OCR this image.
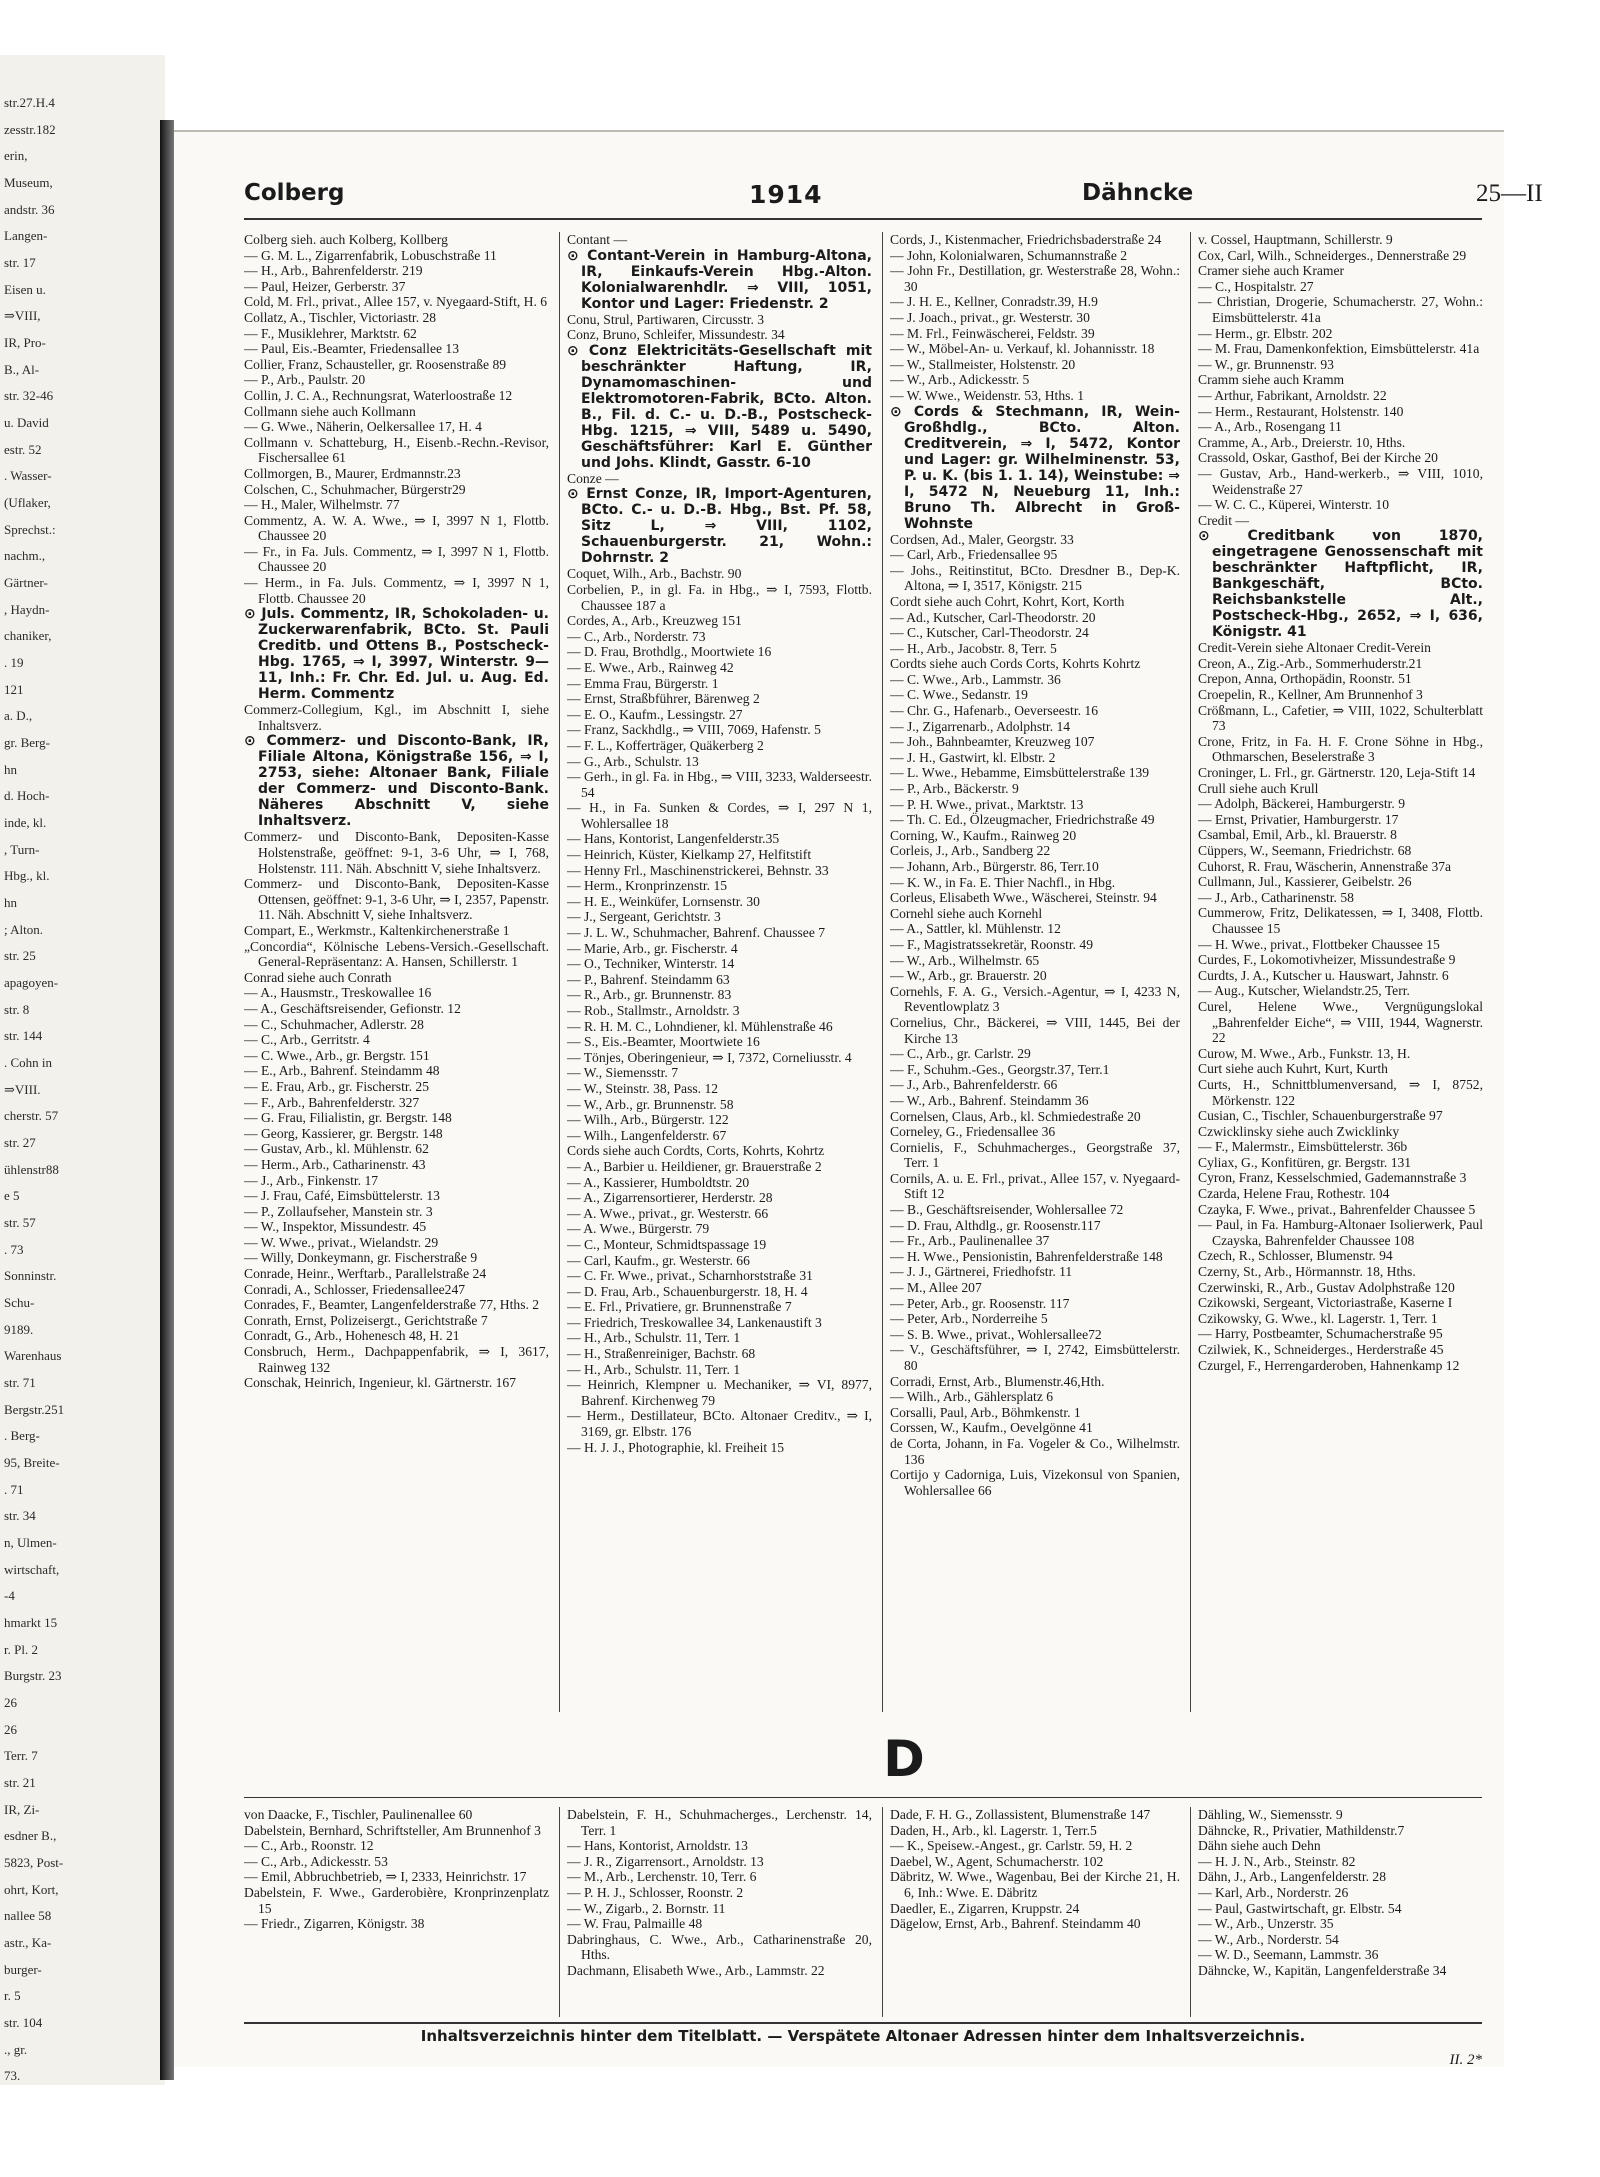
str.27.H.4
zesstr.182
erin,
Museum,
andstr. 36
Langen-
str. 17
Eisen u.
⇒VIII,
IR, Pro-
B., Al-
str. 32-46
u. David
estr. 52
. Wasser-
(Uflaker,
Sprechst.:
nachm.,
Gärtner-
, Haydn-
chaniker,
. 19
121
a. D.,
gr. Berg-
hn
d. Hoch-
inde, kl.
, Turn-
Hbg., kl.
hn
; Alton.
str. 25
apagoyen-
str. 8
str. 144
. Cohn in
⇒VIII.
cherstr. 57
str. 27
ühlenstr88
e 5
str. 57
. 73
Sonninstr.
Schu-
9189.
Warenhaus
str. 71
Bergstr.251
. Berg-
95, Breite-
. 71
str. 34
n, Ulmen-
wirtschaft,
-4
hmarkt 15
r. Pl. 2
Burgstr. 23
26
26
Terr. 7
str. 21
IR, Zi-
esdner B.,
5823, Post-
ohrt, Kort,
nallee 58
astr., Ka-
burger-
r. 5
str. 104
., gr.
73.
Colberg	1914	Dähncke	25—II

Colberg sieh. auch Kolberg, Kollberg

— G. M. L., Zigarrenfabrik, Lobuschstraße 11

— H., Arb., Bahrenfelderstr. 219

— Paul, Heizer, Gerberstr. 37

Cold, M. Frl., privat., Allee 157, v. Nyegaard-Stift, H. 6

Collatz, A., Tischler, Victoriastr. 28

— F., Musiklehrer, Marktstr. 62

— Paul, Eis.-Beamter, Friedensallee 13

Collier, Franz, Schausteller, gr. Roosenstraße 89

— P., Arb., Paulstr. 20

Collin, J. C. A., Rechnungsrat, Waterloostraße 12

Collmann siehe auch Kollmann

— G. Wwe., Näherin, Oelkersallee 17, H. 4

Collmann v. Schatteburg, H., Eisenb.-Rechn.-Revisor, Fischersallee 61

Collmorgen, B., Maurer, Erdmannstr.23

Colschen, C., Schuhmacher, Bürgerstr29

— H., Maler, Wilhelmstr. 77

Commentz, A. W. A. Wwe., ⇒ I, 3997 N 1, Flottb. Chaussee 20

— Fr., in Fa. Juls. Commentz, ⇒ I, 3997 N 1, Flottb. Chaussee 20

— Herm., in Fa. Juls. Commentz, ⇒ I, 3997 N 1, Flottb. Chaussee 20

⊙ Juls. Commentz, IR, Schokoladen- u. Zuckerwarenfabrik, BCto. St. Pauli Creditb. und Ottens B., Postscheck-Hbg. 1765, ⇒ I, 3997, Winterstr. 9—11, Inh.: Fr. Chr. Ed. Jul. u. Aug. Ed. Herm. Commentz

Commerz-Collegium, Kgl., im Abschnitt I, siehe Inhaltsverz.

⊙ Commerz- und Disconto-Bank, IR, Filiale Altona, Königstraße 156, ⇒ I, 2753, siehe: Altonaer Bank, Filiale der Commerz- und Disconto-Bank. Näheres Abschnitt V, siehe Inhaltsverz.

Commerz- und Disconto-Bank, Depositen-Kasse Holstenstraße, geöffnet: 9-1, 3-6 Uhr, ⇒ I, 768, Holstenstr. 111. Näh. Abschnitt V, siehe Inhaltsverz.

Commerz- und Disconto-Bank, Depositen-Kasse Ottensen, geöffnet: 9-1, 3-6 Uhr, ⇒ I, 2357, Papenstr. 11. Näh. Abschnitt V, siehe Inhaltsverz.

Compart, E., Werkmstr., Kaltenkirchenerstraße 1

„Concordia“, Kölnische Lebens-Versich.-Gesellschaft. General-Repräsentanz: A. Hansen, Schillerstr. 1

Conrad siehe auch Conrath

— A., Hausmstr., Treskowallee 16

— A., Geschäftsreisender, Gefionstr. 12

— C., Schuhmacher, Adlerstr. 28

— C., Arb., Gerritstr. 4

— C. Wwe., Arb., gr. Bergstr. 151

— E., Arb., Bahrenf. Steindamm 48

— E. Frau, Arb., gr. Fischerstr. 25

— F., Arb., Bahrenfelderstr. 327

— G. Frau, Filialistin, gr. Bergstr. 148

— Georg, Kassierer, gr. Bergstr. 148

— Gustav, Arb., kl. Mühlenstr. 62

— Herm., Arb., Catharinenstr. 43

— J., Arb., Finkenstr. 17

— J. Frau, Café, Eimsbüttelerstr. 13

— P., Zollaufseher, Manstein str. 3

— W., Inspektor, Missundestr. 45

— W. Wwe., privat., Wielandstr. 29

— Willy, Donkeymann, gr. Fischerstraße 9

Conrade, Heinr., Werftarb., Parallelstraße 24

Conradi, A., Schlosser, Friedensallee247

Conrades, F., Beamter, Langenfelderstraße 77, Hths. 2

Conrath, Ernst, Polizeisergt., Gerichtstraße 7

Conradt, G., Arb., Hohenesch 48, H. 21

Consbruch, Herm., Dachpappenfabrik, ⇒ I, 3617, Rainweg 132

Conschak, Heinrich, Ingenieur, kl. Gärtnerstr. 167

Contant —

⊙ Contant-Verein in Hamburg-Altona, IR, Einkaufs-Verein Hbg.-Alton. Kolonialwarenhdlr. ⇒ VIII, 1051, Kontor und Lager: Friedenstr. 2

Conu, Strul, Partiwaren, Circusstr. 3

Conz, Bruno, Schleifer, Missundestr. 34

⊙ Conz Elektricitäts-Gesellschaft mit beschränkter Haftung, IR, Dynamomaschinen- und Elektromotoren-Fabrik, BCto. Alton. B., Fil. d. C.- u. D.-B., Postscheck-Hbg. 1215, ⇒ VIII, 5489 u. 5490, Geschäftsführer: Karl E. Günther und Johs. Klindt, Gasstr. 6-10

Conze —

⊙ Ernst Conze, IR, Import-Agenturen, BCto. C.- u. D.-B. Hbg., Bst. Pf. 58, Sitz L, ⇒ VIII, 1102, Schauenburgerstr. 21, Wohn.: Dohrnstr. 2

Coquet, Wilh., Arb., Bachstr. 90

Corbelien, P., in gl. Fa. in Hbg., ⇒ I, 7593, Flottb. Chaussee 187 a

Cordes, A., Arb., Kreuzweg 151

— C., Arb., Norderstr. 73

— D. Frau, Brothdlg., Moortwiete 16

— E. Wwe., Arb., Rainweg 42

— Emma Frau, Bürgerstr. 1

— Ernst, Straßbführer, Bärenweg 2

— E. O., Kaufm., Lessingstr. 27

— Franz, Sackhdlg., ⇒ VIII, 7069, Hafenstr. 5

— F. L., Kofferträger, Quäkerberg 2

— G., Arb., Schulstr. 13

— Gerh., in gl. Fa. in Hbg., ⇒ VIII, 3233, Walderseestr. 54

— H., in Fa. Sunken & Cordes, ⇒ I, 297 N 1, Wohlersallee 18

— Hans, Kontorist, Langenfelderstr.35

— Heinrich, Küster, Kielkamp 27, Helfitstift

— Henny Frl., Maschinenstrickerei, Behnstr. 33

— Herm., Kronprinzenstr. 15

— H. E., Weinküfer, Lornsenstr. 30

— J., Sergeant, Gerichtstr. 3

— J. L. W., Schuhmacher, Bahrenf. Chaussee 7

— Marie, Arb., gr. Fischerstr. 4

— O., Techniker, Winterstr. 14

— P., Bahrenf. Steindamm 63

— R., Arb., gr. Brunnenstr. 83

— Rob., Stallmstr., Arnoldstr. 3

— R. H. M. C., Lohndiener, kl. Mühlenstraße 46

— S., Eis.-Beamter, Moortwiete 16

— Tönjes, Oberingenieur, ⇒ I, 7372, Corneliusstr. 4

— W., Siemensstr. 7

— W., Steinstr. 38, Pass. 12

— W., Arb., gr. Brunnenstr. 58

— Wilh., Arb., Bürgerstr. 122

— Wilh., Langenfelderstr. 67

Cords siehe auch Cordts, Corts, Kohrts, Kohrtz

— A., Barbier u. Heildiener, gr. Brauerstraße 2

— A., Kassierer, Humboldtstr. 20

— A., Zigarrensortierer, Herderstr. 28

— A. Wwe., privat., gr. Westerstr. 66

— A. Wwe., Bürgerstr. 79

— C., Monteur, Schmidtspassage 19

— Carl, Kaufm., gr. Westerstr. 66

— C. Fr. Wwe., privat., Scharnhorststraße 31

— D. Frau, Arb., Schauenburgerstr. 18, H. 4

— E. Frl., Privatiere, gr. Brunnenstraße 7

— Friedrich, Treskowallee 34, Lankenaustift 3

— H., Arb., Schulstr. 11, Terr. 1

— H., Straßenreiniger, Bachstr. 68

— H., Arb., Schulstr. 11, Terr. 1

— Heinrich, Klempner u. Mechaniker, ⇒ VI, 8977, Bahrenf. Kirchenweg 79

— Herm., Destillateur, BCto. Altonaer Creditv., ⇒ I, 3169, gr. Elbstr. 176

— H. J. J., Photographie, kl. Freiheit 15

Cords, J., Kistenmacher, Friedrichsbaderstraße 24

— John, Kolonialwaren, Schumannstraße 2

— John Fr., Destillation, gr. Westerstraße 28, Wohn.: 30

— J. H. E., Kellner, Conradstr.39, H.9

— J. Joach., privat., gr. Westerstr. 30

— M. Frl., Feinwäscherei, Feldstr. 39

— W., Möbel-An- u. Verkauf, kl. Johannisstr. 18

— W., Stallmeister, Holstenstr. 20

— W., Arb., Adickesstr. 5

— W. Wwe., Weidenstr. 53, Hths. 1

⊙ Cords & Stechmann, IR, Wein-Großhdlg., BCto. Alton. Creditverein, ⇒ I, 5472, Kontor und Lager: gr. Wilhelminenstr. 53, P. u. K. (bis 1. 1. 14), Weinstube: ⇒ I, 5472 N, Neueburg 11, Inh.: Bruno Th. Albrecht in Groß-Wohnste

Cordsen, Ad., Maler, Georgstr. 33

— Carl, Arb., Friedensallee 95

— Johs., Reitinstitut, BCto. Dresdner B., Dep-K. Altona, ⇒ I, 3517, Königstr. 215

Cordt siehe auch Cohrt, Kohrt, Kort, Korth

— Ad., Kutscher, Carl-Theodorstr. 20

— C., Kutscher, Carl-Theodorstr. 24

— H., Arb., Jacobstr. 8, Terr. 5

Cordts siehe auch Cords Corts, Kohrts Kohrtz

— C. Wwe., Arb., Lammstr. 36

— C. Wwe., Sedanstr. 19

— Chr. G., Hafenarb., Oeverseestr. 16

— J., Zigarrenarb., Adolphstr. 14

— Joh., Bahnbeamter, Kreuzweg 107

— J. H., Gastwirt, kl. Elbstr. 2

— L. Wwe., Hebamme, Eimsbüttelerstraße 139

— P., Arb., Bäckerstr. 9

— P. H. Wwe., privat., Marktstr. 13

— Th. C. Ed., Ölzeugmacher, Friedrichstraße 49

Corning, W., Kaufm., Rainweg 20

Corleis, J., Arb., Sandberg 22

— Johann, Arb., Bürgerstr. 86, Terr.10

— K. W., in Fa. E. Thier Nachfl., in Hbg.

Corleus, Elisabeth Wwe., Wäscherei, Steinstr. 94

Cornehl siehe auch Kornehl

— A., Sattler, kl. Mühlenstr. 12

— F., Magistratssekretär, Roonstr. 49

— W., Arb., Wilhelmstr. 65

— W., Arb., gr. Brauerstr. 20

Cornehls, F. A. G., Versich.-Agentur, ⇒ I, 4233 N, Reventlowplatz 3

Cornelius, Chr., Bäckerei, ⇒ VIII, 1445, Bei der Kirche 13

— C., Arb., gr. Carlstr. 29

— F., Schuhm.-Ges., Georgstr.37, Terr.1

— J., Arb., Bahrenfelderstr. 66

— W., Arb., Bahrenf. Steindamm 36

Cornelsen, Claus, Arb., kl. Schmiedestraße 20

Corneley, G., Friedensallee 36

Cornielis, F., Schuhmacherges., Georgstraße 37, Terr. 1

Cornils, A. u. E. Frl., privat., Allee 157, v. Nyegaard-Stift 12

— B., Geschäftsreisender, Wohlersallee 72

— D. Frau, Althdlg., gr. Roosenstr.117

— Fr., Arb., Paulinenallee 37

— H. Wwe., Pensionistin, Bahrenfelderstraße 148

— J. J., Gärtnerei, Friedhofstr. 11

— M., Allee 207

— Peter, Arb., gr. Roosenstr. 117

— Peter, Arb., Norderreihe 5

— S. B. Wwe., privat., Wohlersallee72

— V., Geschäftsführer, ⇒ I, 2742, Eimsbüttelerstr. 80

Corradi, Ernst, Arb., Blumenstr.46,Hth.

— Wilh., Arb., Gählersplatz 6

Corsalli, Paul, Arb., Böhmkenstr. 1

Corssen, W., Kaufm., Oevelgönne 41

de Corta, Johann, in Fa. Vogeler & Co., Wilhelmstr. 136

Cortijo y Cadorniga, Luis, Vizekonsul von Spanien, Wohlersallee 66

v. Cossel, Hauptmann, Schillerstr. 9

Cox, Carl, Wilh., Schneiderges., Dennerstraße 29

Cramer siehe auch Kramer

— C., Hospitalstr. 27

— Christian, Drogerie, Schumacherstr. 27, Wohn.: Eimsbüttelerstr. 41a

— Herm., gr. Elbstr. 202

— M. Frau, Damenkonfektion, Eimsbüttelerstr. 41a

— W., gr. Brunnenstr. 93

Cramm siehe auch Kramm

— Arthur, Fabrikant, Arnoldstr. 22

— Herm., Restaurant, Holstenstr. 140

— A., Arb., Rosengang 11

Cramme, A., Arb., Dreierstr. 10, Hths.

Crassold, Oskar, Gasthof, Bei der Kirche 20

— Gustav, Arb., Hand-werkerb., ⇒ VIII, 1010, Weidenstraße 27

— W. C. C., Küperei, Winterstr. 10

Credit —

⊙ Creditbank von 1870, eingetragene Genossenschaft mit beschränkter Haftpflicht, IR, Bankgeschäft, BCto. Reichsbankstelle Alt., Postscheck-Hbg., 2652, ⇒ I, 636, Königstr. 41

Credit-Verein siehe Altonaer Credit-Verein

Creon, A., Zig.-Arb., Sommerhuderstr.21

Crepon, Anna, Orthopädin, Roonstr. 51

Croepelin, R., Kellner, Am Brunnenhof 3

Crößmann, L., Cafetier, ⇒ VIII, 1022, Schulterblatt 73

Crone, Fritz, in Fa. H. F. Crone Söhne in Hbg., Othmarschen, Beselerstraße 3

Croninger, L. Frl., gr. Gärtnerstr. 120, Leja-Stift 14

Crull siehe auch Krull

— Adolph, Bäckerei, Hamburgerstr. 9

— Ernst, Privatier, Hamburgerstr. 17

Csambal, Emil, Arb., kl. Brauerstr. 8

Cüppers, W., Seemann, Friedrichstr. 68

Cuhorst, R. Frau, Wäscherin, Annenstraße 37a

Cullmann, Jul., Kassierer, Geibelstr. 26

— J., Arb., Catharinenstr. 58

Cummerow, Fritz, Delikatessen, ⇒ I, 3408, Flottb. Chaussee 15

— H. Wwe., privat., Flottbeker Chaussee 15

Curdes, F., Lokomotivheizer, Missundestraße 9

Curdts, J. A., Kutscher u. Hauswart, Jahnstr. 6

— Aug., Kutscher, Wielandstr.25, Terr.

Curel, Helene Wwe., Vergnügungslokal „Bahrenfelder Eiche“, ⇒ VIII, 1944, Wagnerstr. 22

Curow, M. Wwe., Arb., Funkstr. 13, H.

Curt siehe auch Kuhrt, Kurt, Kurth

Curts, H., Schnittblumenversand, ⇒ I, 8752, Mörkenstr. 122

Cusian, C., Tischler, Schauenburgerstraße 97

Czwicklinsky siehe auch Zwicklinky

— F., Malermstr., Eimsbüttelerstr. 36b

Cyliax, G., Konfitüren, gr. Bergstr. 131

Cyron, Franz, Kesselschmied, Gademannstraße 3

Czarda, Helene Frau, Rothestr. 104

Czayka, F. Wwe., privat., Bahrenfelder Chaussee 5

— Paul, in Fa. Hamburg-Altonaer Isolierwerk, Paul Czayska, Bahrenfelder Chaussee 108

Czech, R., Schlosser, Blumenstr. 94

Czerny, St., Arb., Hörmannstr. 18, Hths.

Czerwinski, R., Arb., Gustav Adolphstraße 120

Czikowski, Sergeant, Victoriastraße, Kaserne I

Czikowsky, G. Wwe., kl. Lagerstr. 1, Terr. 1

— Harry, Postbeamter, Schumacherstraße 95

Czilwiek, K., Schneiderges., Herderstraße 45

Czurgel, F., Herrengarderoben, Hahnenkamp 12

D

von Daacke, F., Tischler, Paulinenallee 60

Dabelstein, Bernhard, Schriftsteller, Am Brunnenhof 3

— C., Arb., Roonstr. 12

— C., Arb., Adickesstr. 53

— Emil, Abbruchbetrieb, ⇒ I, 2333, Heinrichstr. 17

Dabelstein, F. Wwe., Garderobière, Kronprinzenplatz 15

— Friedr., Zigarren, Königstr. 38

Dabelstein, F. H., Schuhmacherges., Lerchenstr. 14, Terr. 1

— Hans, Kontorist, Arnoldstr. 13

— J. R., Zigarrensort., Arnoldstr. 13

— M., Arb., Lerchenstr. 10, Terr. 6

— P. H. J., Schlosser, Roonstr. 2

— W., Zigarb., 2. Bornstr. 11

— W. Frau, Palmaille 48

Dabringhaus, C. Wwe., Arb., Catharinenstraße 20, Hths.

Dachmann, Elisabeth Wwe., Arb., Lammstr. 22

Dade, F. H. G., Zollassistent, Blumenstraße 147

Daden, H., Arb., kl. Lagerstr. 1, Terr.5

— K., Speisew.-Angest., gr. Carlstr. 59, H. 2

Daebel, W., Agent, Schumacherstr. 102

Däbritz, W. Wwe., Wagenbau, Bei der Kirche 21, H. 6, Inh.: Wwe. E. Däbritz

Daedler, E., Zigarren, Kruppstr. 24

Dägelow, Ernst, Arb., Bahrenf. Steindamm 40

Dähling, W., Siemensstr. 9

Dähncke, R., Privatier, Mathildenstr.7

Dähn siehe auch Dehn

— H. J. N., Arb., Steinstr. 82

Dähn, J., Arb., Langenfelderstr. 28

— Karl, Arb., Norderstr. 26

— Paul, Gastwirtschaft, gr. Elbstr. 54

— W., Arb., Unzerstr. 35

— W., Arb., Norderstr. 54

— W. D., Seemann, Lammstr. 36

Dähncke, W., Kapitän, Langenfelderstraße 34

Inhaltsverzeichnis hinter dem Titelblatt. — Verspätete Altonaer Adressen hinter dem Inhaltsverzeichnis.
II. 2*
